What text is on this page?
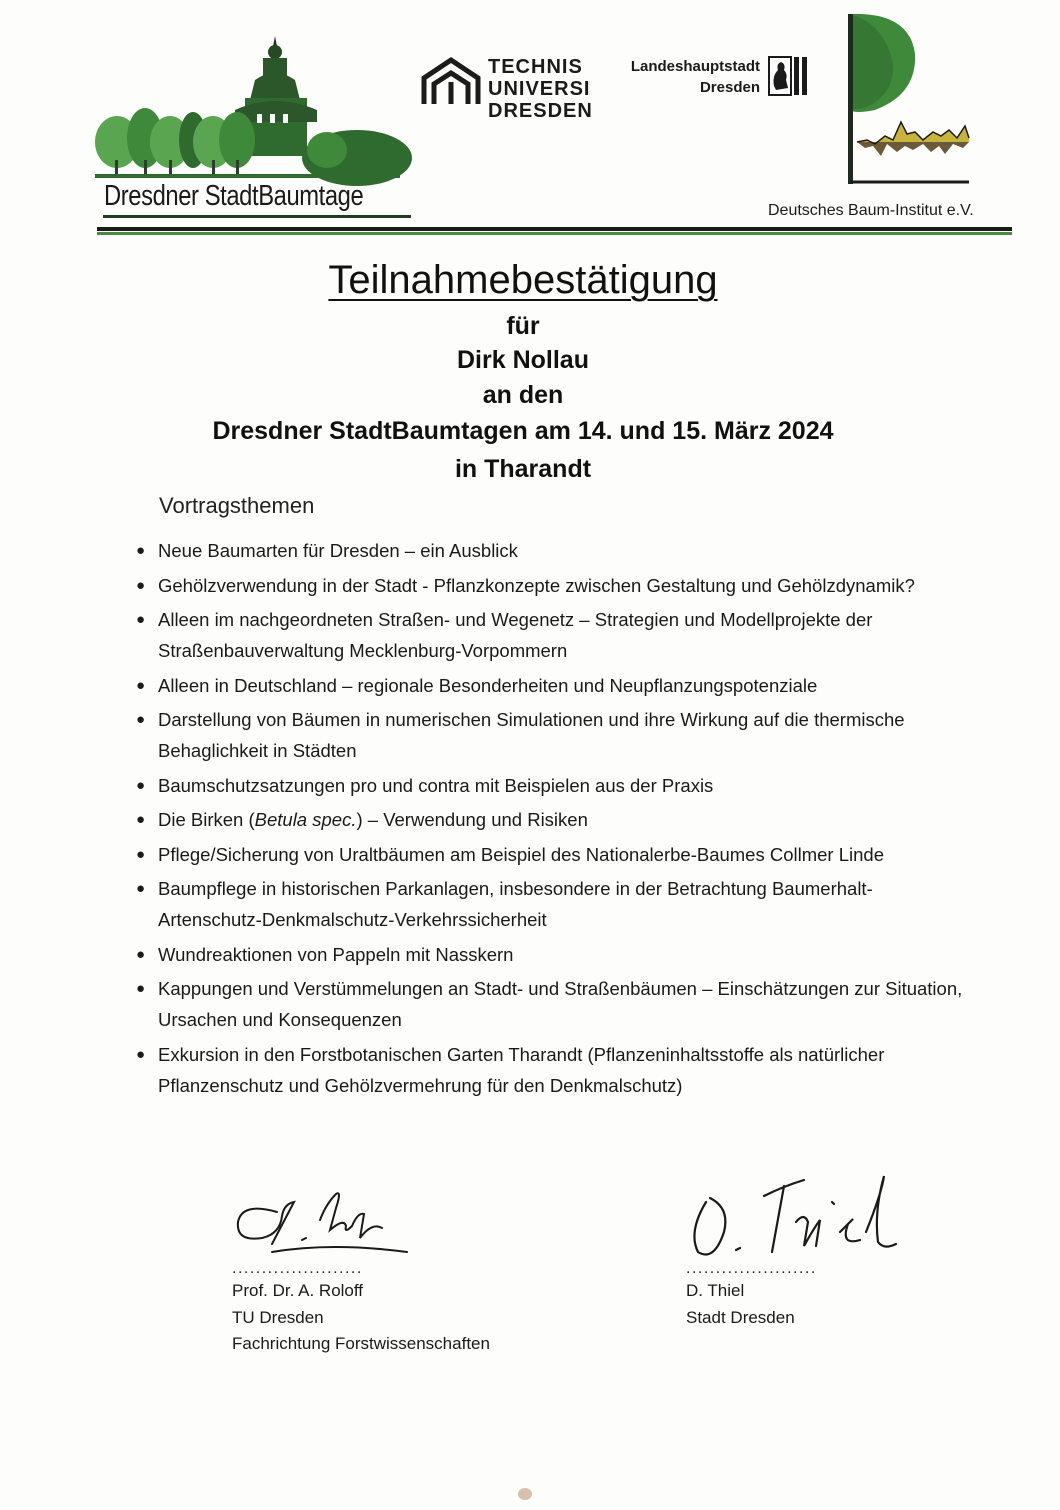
Dresdner StadtBaumtage
TECHNIS
UNIVERSI
DRESDEN
Landeshauptstadt
Dresden
Deutsches Baum-Institut e.V.
Teilnahmebestätigung
für
Dirk Nollau
an den
Dresdner StadtBaumtagen am 14. und 15. März 2024
in Tharandt
Vortragsthemen
● Neue Baumarten für Dresden – ein Ausblick
● Gehölzverwendung in der Stadt - Pflanzkonzepte zwischen Gestaltung und Gehölzdynamik?
● Alleen im nachgeordneten Straßen- und Wegenetz – Strategien und Modellprojekte der Straßenbauverwaltung Mecklenburg-Vorpommern
● Alleen in Deutschland – regionale Besonderheiten und Neupflanzungspotenziale
● Darstellung von Bäumen in numerischen Simulationen und ihre Wirkung auf die thermische Behaglichkeit in Städten
● Baumschutzsatzungen pro und contra mit Beispielen aus der Praxis
● Die Birken (Betula spec.) – Verwendung und Risiken
● Pflege/Sicherung von Uraltbäumen am Beispiel des Nationalerbe-Baumes Collmer Linde
● Baumpflege in historischen Parkanlagen, insbesondere in der Betrachtung Baumerhalt-Artenschutz-Denkmalschutz-Verkehrssicherheit
● Wundreaktionen von Pappeln mit Nasskern
● Kappungen und Verstümmelungen an Stadt- und Straßenbäumen – Einschätzungen zur Situation, Ursachen und Konsequenzen
● Exkursion in den Forstbotanischen Garten Tharandt (Pflanzeninhaltsstoffe als natürlicher Pflanzenschutz und Gehölzvermehrung für den Denkmalschutz)
......................
Prof. Dr. A. Roloff
TU Dresden
Fachrichtung Forstwissenschaften
......................
D. Thiel
Stadt Dresden
